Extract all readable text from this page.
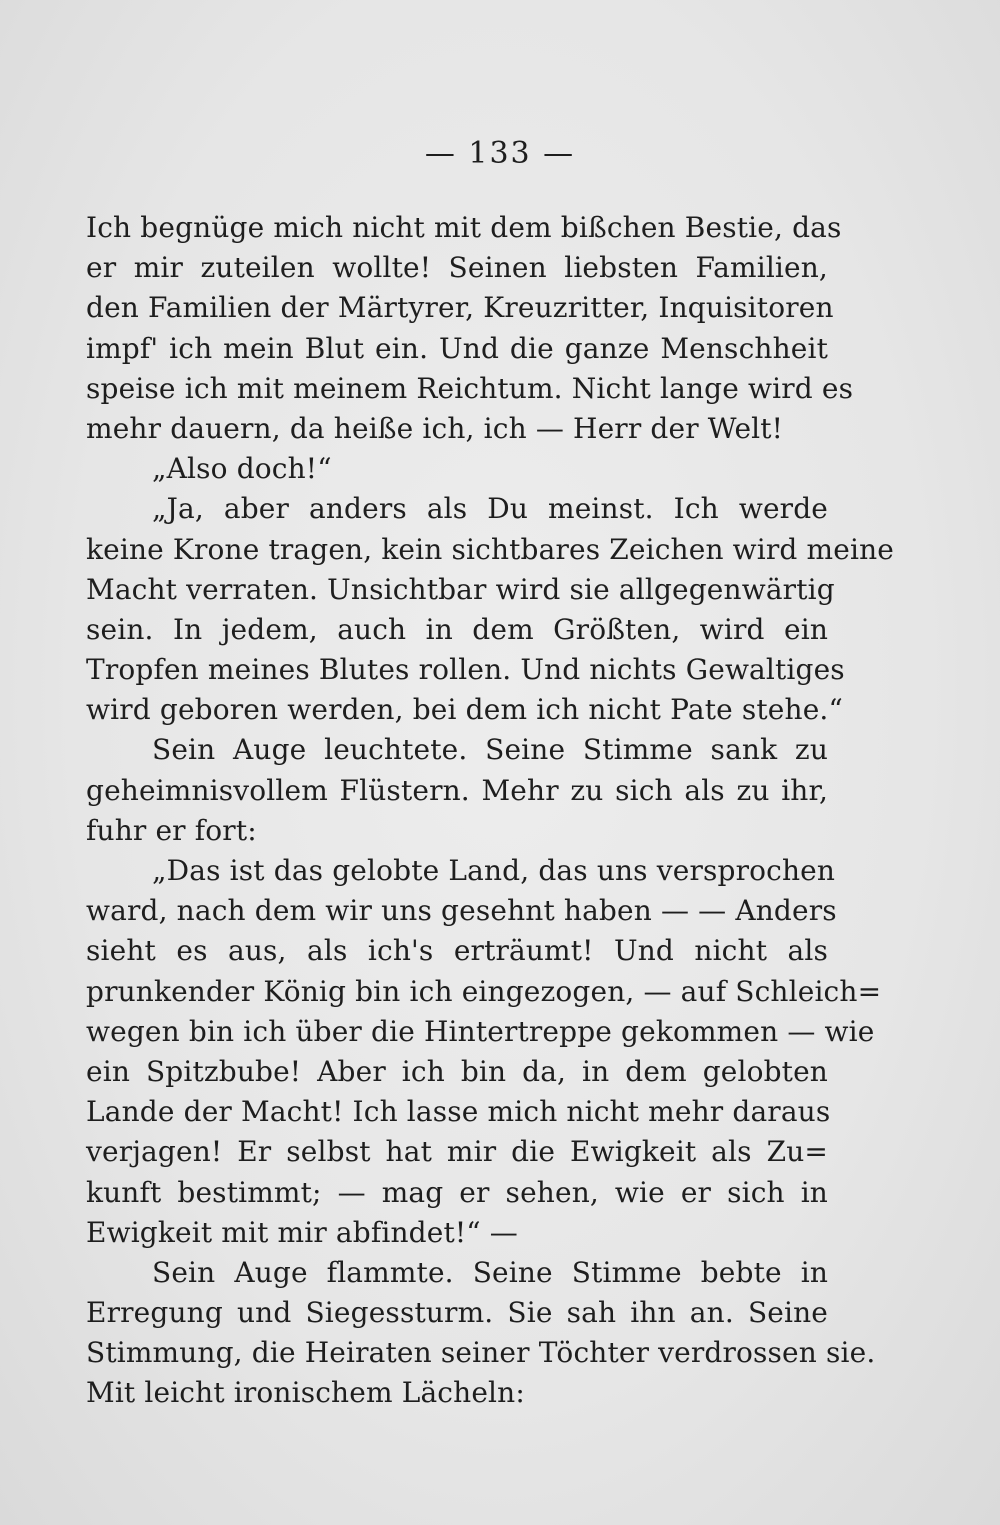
— 133 —
Ich begnüge mich nicht mit dem bißchen Bestie, das
er mir zuteilen wollte! Seinen liebsten Familien,
den Familien der Märtyrer, Kreuzritter, Inquisitoren
impf' ich mein Blut ein. Und die ganze Menschheit
speise ich mit meinem Reichtum. Nicht lange wird es
mehr dauern, da heiße ich, ich — Herr der Welt!
„Also doch!“
„Ja, aber anders als Du meinst. Ich werde
keine Krone tragen, kein sichtbares Zeichen wird meine
Macht verraten. Unsichtbar wird sie allgegenwärtig
sein. In jedem, auch in dem Größten, wird ein
Tropfen meines Blutes rollen. Und nichts Gewaltiges
wird geboren werden, bei dem ich nicht Pate stehe.“
Sein Auge leuchtete. Seine Stimme sank zu
geheimnisvollem Flüstern. Mehr zu sich als zu ihr,
fuhr er fort:
„Das ist das gelobte Land, das uns versprochen
ward, nach dem wir uns gesehnt haben — — Anders
sieht es aus, als ich's erträumt! Und nicht als
prunkender König bin ich eingezogen, — auf Schleich=
wegen bin ich über die Hintertreppe gekommen — wie
ein Spitzbube! Aber ich bin da, in dem gelobten
Lande der Macht! Ich lasse mich nicht mehr daraus
verjagen! Er selbst hat mir die Ewigkeit als Zu=
kunft bestimmt; — mag er sehen, wie er sich in
Ewigkeit mit mir abfindet!“ —
Sein Auge flammte. Seine Stimme bebte in
Erregung und Siegessturm. Sie sah ihn an. Seine
Stimmung, die Heiraten seiner Töchter verdrossen sie.
Mit leicht ironischem Lächeln:
